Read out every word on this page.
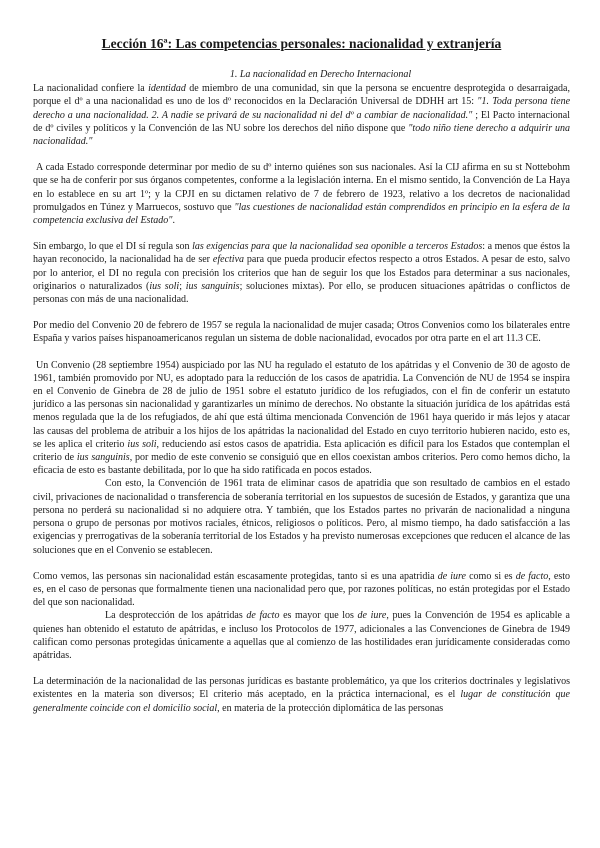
Lección 16ª: Las competencias personales: nacionalidad y extranjería
1. La nacionalidad en Derecho Internacional

La nacionalidad confiere la identidad de miembro de una comunidad, sin que la persona se encuentre desprotegida o desarraigada, porque el dº a una nacionalidad es uno de los dº reconocidos en la Declaración Universal de DDHH art 15: "1. Toda persona tiene derecho a una nacionalidad. 2. A nadie se privará de su nacionalidad ni del dº a cambiar de nacionalidad." ; El Pacto internacional de dº civiles y políticos y la Convención de las NU sobre los derechos del niño dispone que "todo niño tiene derecho a adquirir una nacionalidad."

A cada Estado corresponde determinar por medio de su dº interno quiénes son sus nacionales. Así la CIJ afirma en su st Nottebohm que se ha de conferir por sus órganos competentes, conforme a la legislación interna. En el mismo sentido, la Convención de La Haya en lo establece en su art 1º; y la CPJI en su dictamen relativo de 7 de febrero de 1923, relativo a los decretos de nacionalidad promulgados en Túnez y Marruecos, sostuvo que "las cuestiones de nacionalidad están comprendidos en principio en la esfera de la competencia exclusiva del Estado".

Sin embargo, lo que el DI sí regula son las exigencias para que la nacionalidad sea oponible a terceros Estados: a menos que éstos la hayan reconocido, la nacionalidad ha de ser efectiva para que pueda producir efectos respecto a otros Estados. A pesar de esto, salvo por lo anterior, el DI no regula con precisión los criterios que han de seguir los que los Estados para determinar a sus nacionales, originarios o naturalizados (ius soli; ius sanguinis; soluciones mixtas). Por ello, se producen situaciones apátridas o conflictos de personas con más de una nacionalidad.

Por medio del Convenio 20 de febrero de 1957 se regula la nacionalidad de mujer casada; Otros Convenios como los bilaterales entre España y varios países hispanoamericanos regulan un sistema de doble nacionalidad, evocados por otra parte en el art 11.3 CE.

Un Convenio (28 septiembre 1954) auspiciado por las NU ha regulado el estatuto de los apátridas y el Convenio de 30 de agosto de 1961, también promovido por NU, es adoptado para la reducción de los casos de apatridia. La Convención de NU de 1954 se inspira en el Convenio de Ginebra de 28 de julio de 1951 sobre el estatuto jurídico de los refugiados, con el fin de conferir un estatuto jurídico a las personas sin nacionalidad y garantizarles un mínimo de derechos. No obstante la situación jurídica de los apátridas está menos regulada que la de los refugiados, de ahí que está última mencionada Convención de 1961 haya querido ir más lejos y atacar las causas del problema de atribuir a los hijos de los apátridas la nacionalidad del Estado en cuyo territorio hubieren nacido, esto es, se les aplica el criterio ius soli, reduciendo así estos casos de apatridia. Esta aplicación es difícil para los Estados que contemplan el criterio de ius sanguinis, por medio de este convenio se consiguió que en ellos coexistan ambos criterios. Pero como hemos dicho, la eficacia de esto es bastante debilitada, por lo que ha sido ratificada en pocos estados.

Con esto, la Convención de 1961 trata de eliminar casos de apatridia que son resultado de cambios en el estado civil, privaciones de nacionalidad o transferencia de soberanía territorial en los supuestos de sucesión de Estados, y garantiza que una persona no perderá su nacionalidad si no adquiere otra. Y también, que los Estados partes no privarán de nacionalidad a ninguna persona o grupo de personas por motivos raciales, étnicos, religiosos o políticos. Pero, al mismo tiempo, ha dado satisfacción a las exigencias y prerrogativas de la soberanía territorial de los Estados y ha previsto numerosas excepciones que reducen el alcance de las soluciones que en el Convenio se establecen.

Como vemos, las personas sin nacionalidad están escasamente protegidas, tanto si es una apatridia de iure como si es de facto, esto es, en el caso de personas que formalmente tienen una nacionalidad pero que, por razones políticas, no están protegidas por el Estado del que son nacionalidad.

La desprotección de los apátridas de facto es mayor que los de iure, pues la Convención de 1954 es aplicable a quienes han obtenido el estatuto de apátridas, e incluso los Protocolos de 1977, adicionales a las Convenciones de Ginebra de 1949 califican como personas protegidas únicamente a aquellas que al comienzo de las hostilidades eran jurídicamente consideradas como apátridas.

La determinación de la nacionalidad de las personas jurídicas es bastante problemático, ya que los criterios doctrinales y legislativos existentes en la materia son diversos; El criterio más aceptado, en la práctica internacional, es el lugar de constitución que generalmente coincide con el domicilio social, en materia de la protección diplomática de las personas
